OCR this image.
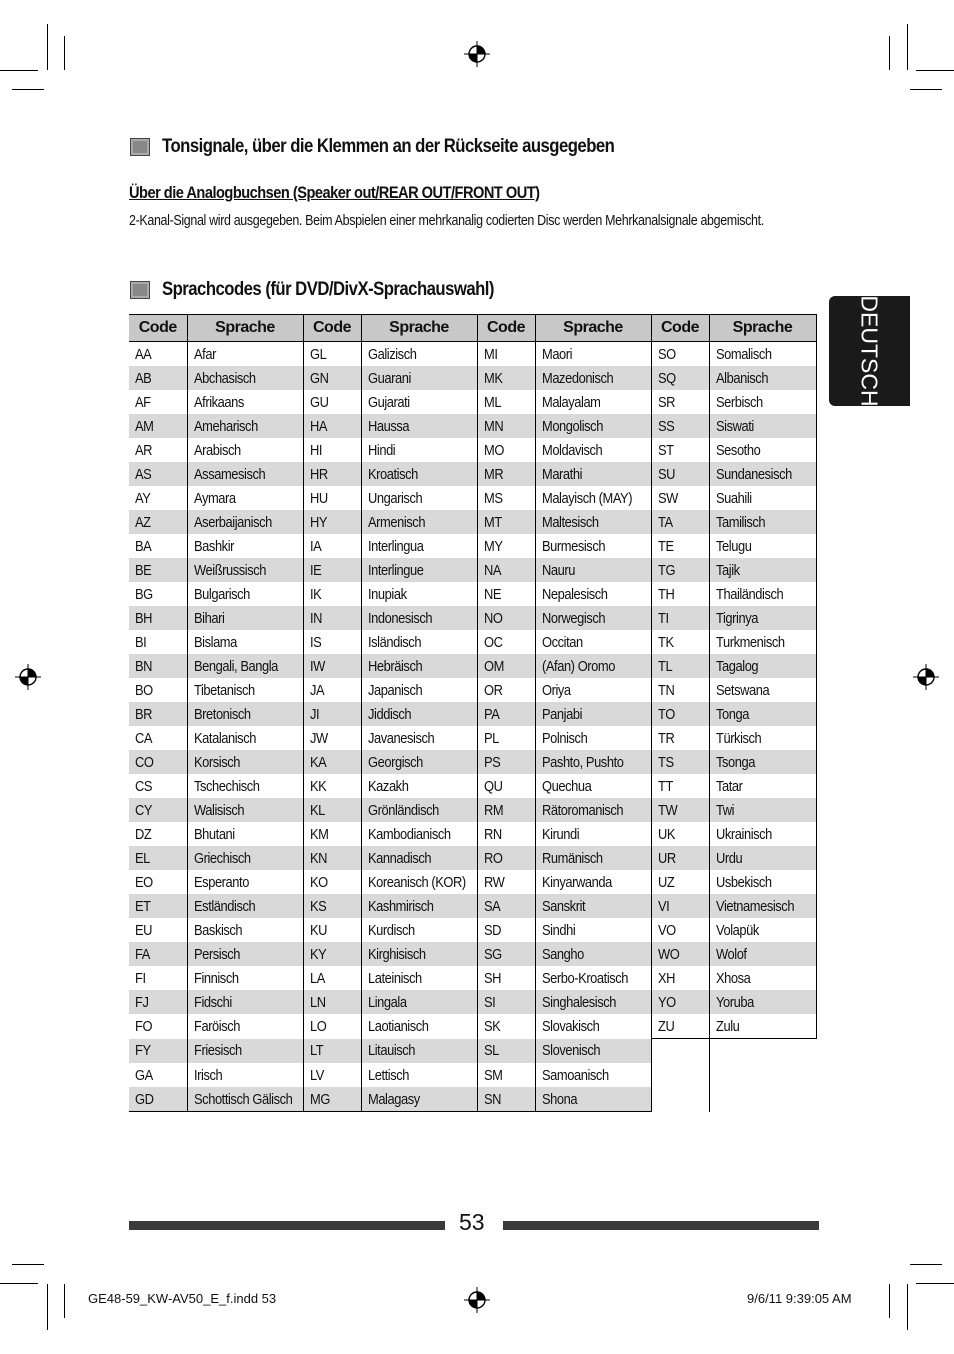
Tonsignale, über die Klemmen an der Rückseite ausgegeben
Über die Analogbuchsen (Speaker out/REAR OUT/FRONT OUT)
2-Kanal-Signal wird ausgegeben. Beim Abspielen einer mehrkanalig codierten Disc werden Mehrkanalsignale abgemischt.
Sprachcodes (für DVD/DivX-Sprachauswahl)
DEUTSCH
Code	Sprache	Code	Sprache	Code	Sprache	Code	Sprache
AA	Afar	GL	Galizisch	MI	Maori	SO	Somalisch
AB	Abchasisch	GN	Guarani	MK	Mazedonisch	SQ	Albanisch
AF	Afrikaans	GU	Gujarati	ML	Malayalam	SR	Serbisch
AM	Ameharisch	HA	Haussa	MN	Mongolisch	SS	Siswati
AR	Arabisch	HI	Hindi	MO	Moldavisch	ST	Sesotho
AS	Assamesisch	HR	Kroatisch	MR	Marathi	SU	Sundanesisch
AY	Aymara	HU	Ungarisch	MS	Malayisch (MAY)	SW	Suahili
AZ	Aserbaijanisch	HY	Armenisch	MT	Maltesisch	TA	Tamilisch
BA	Bashkir	IA	Interlingua	MY	Burmesisch	TE	Telugu
BE	Weißrussisch	IE	Interlingue	NA	Nauru	TG	Tajik
BG	Bulgarisch	IK	Inupiak	NE	Nepalesisch	TH	Thailändisch
BH	Bihari	IN	Indonesisch	NO	Norwegisch	TI	Tigrinya
BI	Bislama	IS	Isländisch	OC	Occitan	TK	Turkmenisch
BN	Bengali, Bangla	IW	Hebräisch	OM	(Afan) Oromo	TL	Tagalog
BO	Tibetanisch	JA	Japanisch	OR	Oriya	TN	Setswana
BR	Bretonisch	JI	Jiddisch	PA	Panjabi	TO	Tonga
CA	Katalanisch	JW	Javanesisch	PL	Polnisch	TR	Türkisch
CO	Korsisch	KA	Georgisch	PS	Pashto, Pushto	TS	Tsonga
CS	Tschechisch	KK	Kazakh	QU	Quechua	TT	Tatar
CY	Walisisch	KL	Grönländisch	RM	Rätoromanisch	TW	Twi
DZ	Bhutani	KM	Kambodianisch	RN	Kirundi	UK	Ukrainisch
EL	Griechisch	KN	Kannadisch	RO	Rumänisch	UR	Urdu
EO	Esperanto	KO	Koreanisch (KOR)	RW	Kinyarwanda	UZ	Usbekisch
ET	Estländisch	KS	Kashmirisch	SA	Sanskrit	VI	Vietnamesisch
EU	Baskisch	KU	Kurdisch	SD	Sindhi	VO	Volapük
FA	Persisch	KY	Kirghisisch	SG	Sangho	WO	Wolof
FI	Finnisch	LA	Lateinisch	SH	Serbo-Kroatisch	XH	Xhosa
FJ	Fidschi	LN	Lingala	SI	Singhalesisch	YO	Yoruba
FO	Faröisch	LO	Laotianisch	SK	Slovakisch	ZU	Zulu
FY	Friesisch	LT	Litauisch	SL	Slovenisch		
GA	Irisch	LV	Lettisch	SM	Samoanisch		
GD	Schottisch Gälisch	MG	Malagasy	SN	Shona		
53
GE48-59_KW-AV50_E_f.indd 53	9/6/11 9:39:05 AM
